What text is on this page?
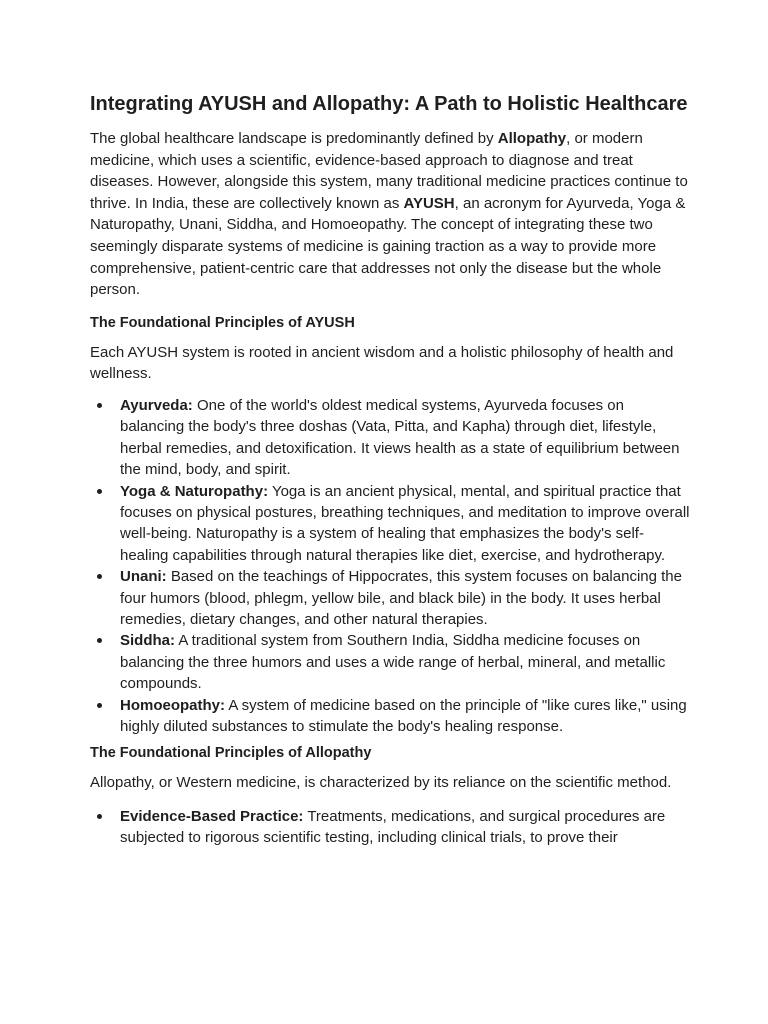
Integrating AYUSH and Allopathy: A Path to Holistic Healthcare

The global healthcare landscape is predominantly defined by Allopathy, or modern medicine, which uses a scientific, evidence-based approach to diagnose and treat diseases. However, alongside this system, many traditional medicine practices continue to thrive. In India, these are collectively known as AYUSH, an acronym for Ayurveda, Yoga & Naturopathy, Unani, Siddha, and Homoeopathy. The concept of integrating these two seemingly disparate systems of medicine is gaining traction as a way to provide more comprehensive, patient-centric care that addresses not only the disease but the whole person.

The Foundational Principles of AYUSH

Each AYUSH system is rooted in ancient wisdom and a holistic philosophy of health and wellness.

Ayurveda: One of the world's oldest medical systems, Ayurveda focuses on balancing the body's three doshas (Vata, Pitta, and Kapha) through diet, lifestyle, herbal remedies, and detoxification. It views health as a state of equilibrium between the mind, body, and spirit.
Yoga & Naturopathy: Yoga is an ancient physical, mental, and spiritual practice that focuses on physical postures, breathing techniques, and meditation to improve overall well-being. Naturopathy is a system of healing that emphasizes the body's self-healing capabilities through natural therapies like diet, exercise, and hydrotherapy.
Unani: Based on the teachings of Hippocrates, this system focuses on balancing the four humors (blood, phlegm, yellow bile, and black bile) in the body. It uses herbal remedies, dietary changes, and other natural therapies.
Siddha: A traditional system from Southern India, Siddha medicine focuses on balancing the three humors and uses a wide range of herbal, mineral, and metallic compounds.
Homoeopathy: A system of medicine based on the principle of "like cures like," using highly diluted substances to stimulate the body's healing response.
The Foundational Principles of Allopathy

Allopathy, or Western medicine, is characterized by its reliance on the scientific method.

Evidence-Based Practice: Treatments, medications, and surgical procedures are subjected to rigorous scientific testing, including clinical trials, to prove their
